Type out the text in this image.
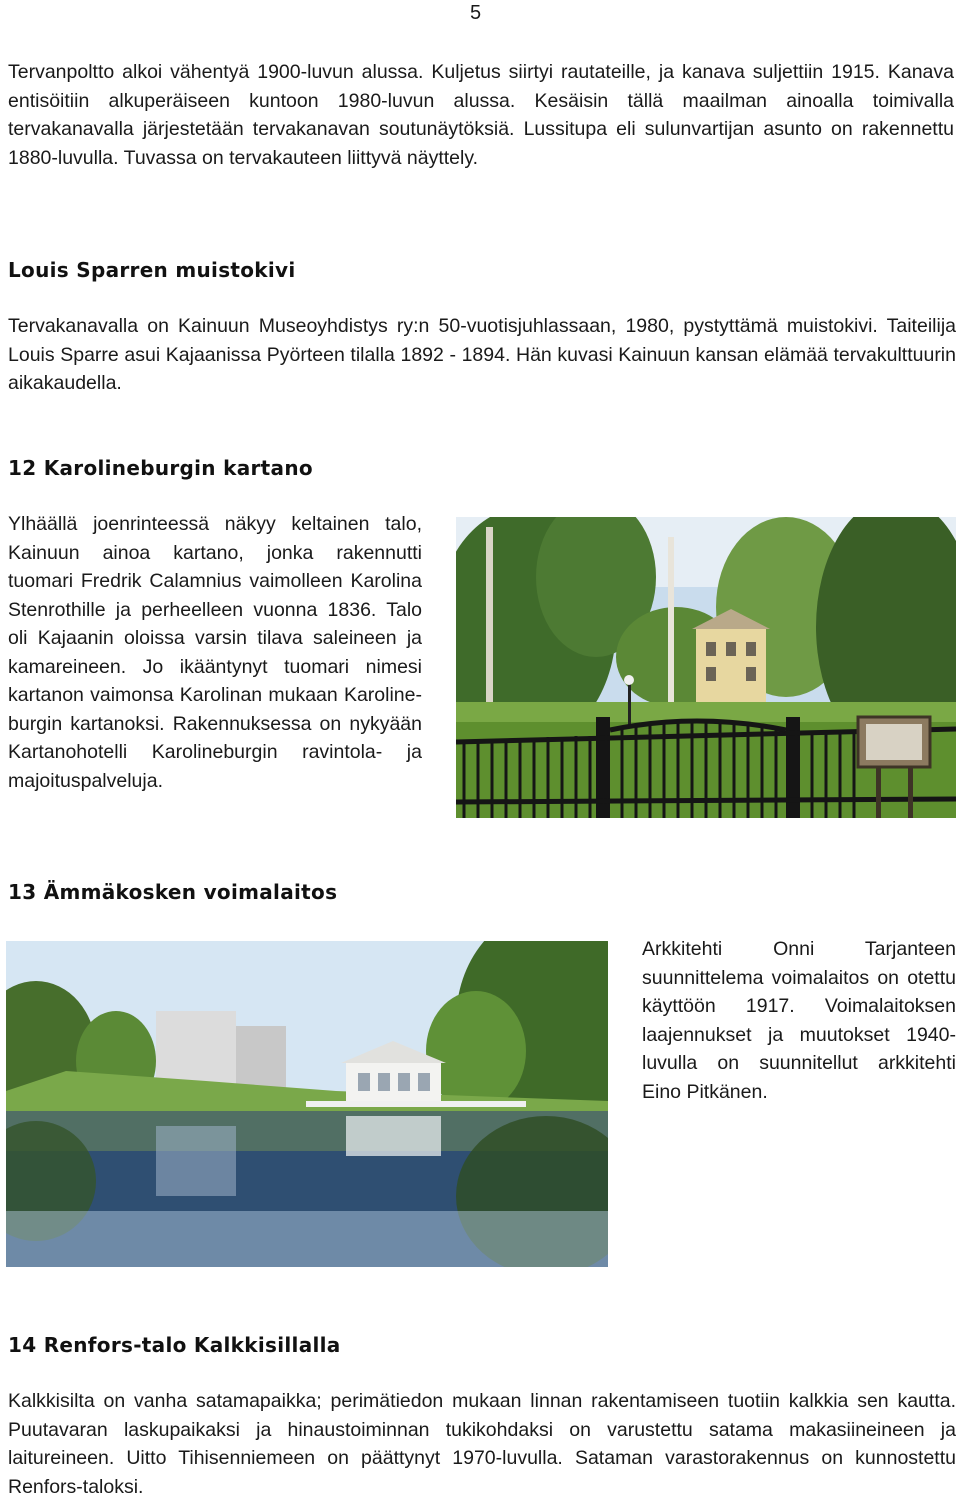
5

Tervanpoltto alkoi vähentyä 1900-luvun alussa. Kuljetus siirtyi rautateille, ja kanava suljettiin 1915. Kanava entisöitiin alkuperäiseen kuntoon 1980-luvun alussa. Kesäisin tällä maailman ainoalla toimivalla tervakanavalla järjestetään tervakanavan soutunäytöksiä. Lussitupa eli sulunvartijan asunto on rakennettu 1880-luvulla. Tuvassa on tervakauteen liittyvä näyttely.

Louis Sparren muistokivi

Tervakanavalla on Kainuun Museoyhdistys ry:n 50-vuotisjuhlassaan, 1980, pystyttämä muistokivi. Taiteilija Louis Sparre asui Kajaanissa Pyörteen tilalla 1892 - 1894. Hän kuvasi Kainuun kansan elämää tervakulttuurin aikakaudella.

12 Karolineburgin kartano

Ylhäällä joenrinteessä näkyy keltainen talo, Kainuun ainoa kartano, jonka rakennutti tuomari Fredrik Calamnius vaimolleen Karolina Stenrothille ja perheelleen vuonna 1836. Talo oli Kajaanin oloissa varsin tilava saleineen ja kamareineen. Jo ikääntynyt tuomari nimesi kartanon vaimonsa Karolinan mukaan Karolineburgin kartanoksi. Rakennuksessa on nykyään Kartanohotelli Karolineburgin ravintola- ja majoituspalveluja.

13 Ämmäkosken voimalaitos

Arkkitehti Onni Tarjanteen suunnittelema voimalaitos on otettu käyttöön 1917. Voimalaitoksen laajennukset ja muutokset 1940-luvulla on suunnitellut arkkitehti Eino Pitkänen.

14 Renfors-talo Kalkkisillalla

Kalkkisilta on vanha satamapaikka; perimätiedon mukaan linnan rakentamiseen tuotiin kalkkia sen kautta. Puutavaran laskupaikaksi ja hinaustoiminnan tukikohdaksi on varustettu satama makasiineineen ja laitureineen. Uitto Tihisenniemeen on päättynyt 1970-luvulla. Sataman varastorakennus on kunnostettu Renfors-taloksi.
